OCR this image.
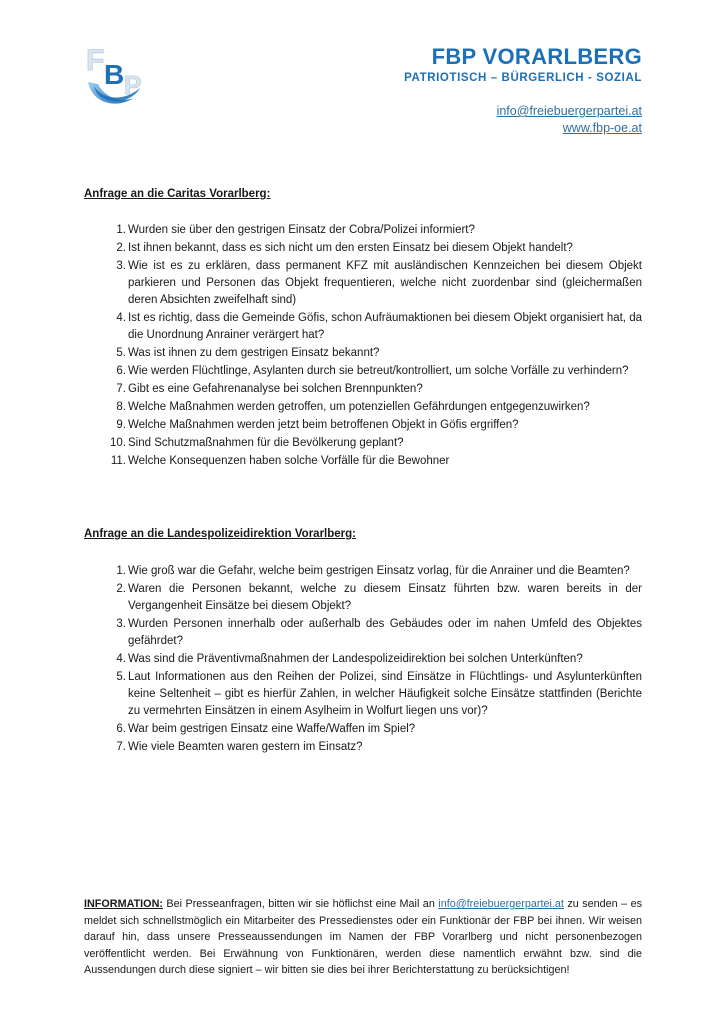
F B P
FBP VORARLBERG
PATRIOTISCH – BÜRGERLICH - SOZIAL
info@freiebuergerpartei.at
www.fbp-oe.at
Anfrage an die Caritas Vorarlberg:
1. Wurden sie über den gestrigen Einsatz der Cobra/Polizei informiert?
2. Ist ihnen bekannt, dass es sich nicht um den ersten Einsatz bei diesem Objekt handelt?
3. Wie ist es zu erklären, dass permanent KFZ mit ausländischen Kennzeichen bei diesem Objekt parkieren und Personen das Objekt frequentieren, welche nicht zuordenbar sind (gleichermaßen deren Absichten zweifelhaft sind)
4. Ist es richtig, dass die Gemeinde Göfis, schon Aufräumaktionen bei diesem Objekt organisiert hat, da die Unordnung Anrainer verärgert hat?
5. Was ist ihnen zu dem gestrigen Einsatz bekannt?
6. Wie werden Flüchtlinge, Asylanten durch sie betreut/kontrolliert, um solche Vorfälle zu verhindern?
7. Gibt es eine Gefahrenanalyse bei solchen Brennpunkten?
8. Welche Maßnahmen werden getroffen, um potenziellen Gefährdungen entgegenzuwirken?
9. Welche Maßnahmen werden jetzt beim betroffenen Objekt in Göfis ergriffen?
10. Sind Schutzmaßnahmen für die Bevölkerung geplant?
11. Welche Konsequenzen haben solche Vorfälle für die Bewohner
Anfrage an die Landespolizeidirektion Vorarlberg:
1. Wie groß war die Gefahr, welche beim gestrigen Einsatz vorlag, für die Anrainer und die Beamten?
2. Waren die Personen bekannt, welche zu diesem Einsatz führten bzw. waren bereits in der Vergangenheit Einsätze bei diesem Objekt?
3. Wurden Personen innerhalb oder außerhalb des Gebäudes oder im nahen Umfeld des Objektes gefährdet?
4. Was sind die Präventivmaßnahmen der Landespolizeidirektion bei solchen Unterkünften?
5. Laut Informationen aus den Reihen der Polizei, sind Einsätze in Flüchtlings- und Asylunterkünften keine Seltenheit – gibt es hierfür Zahlen, in welcher Häufigkeit solche Einsätze stattfinden (Berichte zu vermehrten Einsätzen in einem Asylheim in Wolfurt liegen uns vor)?
6. War beim gestrigen Einsatz eine Waffe/Waffen im Spiel?
7. Wie viele Beamten waren gestern im Einsatz?
INFORMATION: Bei Presseanfragen, bitten wir sie höflichst eine Mail an info@freiebuergerpartei.at zu senden – es meldet sich schnellstmöglich ein Mitarbeiter des Pressedienstes oder ein Funktionär der FBP bei ihnen. Wir weisen darauf hin, dass unsere Presseaussendungen im Namen der FBP Vorarlberg und nicht personenbezogen veröffentlicht werden. Bei Erwähnung von Funktionären, werden diese namentlich erwähnt bzw. sind die Aussendungen durch diese signiert – wir bitten sie dies bei ihrer Berichterstattung zu berücksichtigen!
